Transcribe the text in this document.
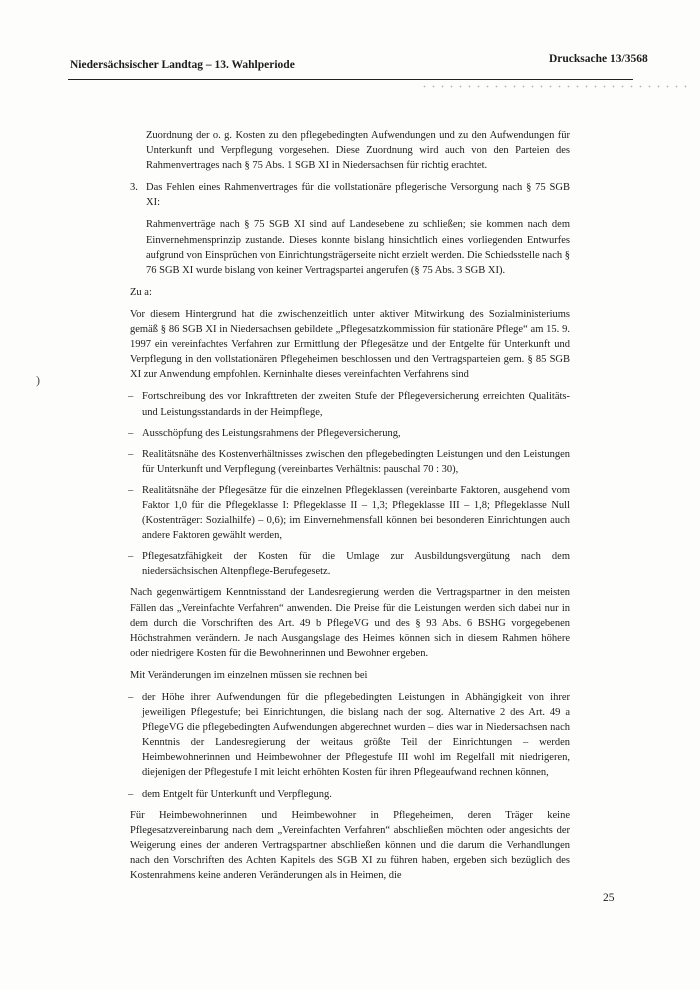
Niedersächsischer Landtag – 13. Wahlperiode	Drucksache 13/3568
)

Zuordnung der o. g. Kosten zu den pflegebedingten Aufwendungen und zu den Aufwendungen für Unterkunft und Verpflegung vorgesehen. Diese Zuordnung wird auch von den Parteien des Rahmenvertrages nach § 75 Abs. 1 SGB XI in Niedersachsen für richtig erachtet.

3. Das Fehlen eines Rahmenvertrages für die vollstationäre pflegerische Versorgung nach § 75 SGB XI:

Rahmenverträge nach § 75 SGB XI sind auf Landesebene zu schließen; sie kommen nach dem Einvernehmensprinzip zustande. Dieses konnte bislang hinsichtlich eines vorliegenden Entwurfes aufgrund von Einsprüchen von Einrichtungsträgerseite nicht erzielt werden. Die Schiedsstelle nach § 76 SGB XI wurde bislang von keiner Vertragspartei angerufen (§ 75 Abs. 3 SGB XI).

Zu a:

Vor diesem Hintergrund hat die zwischenzeitlich unter aktiver Mitwirkung des Sozialministeriums gemäß § 86 SGB XI in Niedersachsen gebildete „Pflegesatzkommission für stationäre Pflege“ am 15. 9. 1997 ein vereinfachtes Verfahren zur Ermittlung der Pflegesätze und der Entgelte für Unterkunft und Verpflegung in den vollstationären Pflegeheimen beschlossen und den Vertragsparteien gem. § 85 SGB XI zur Anwendung empfohlen. Kerninhalte dieses vereinfachten Verfahrens sind

– Fortschreibung des vor Inkrafttreten der zweiten Stufe der Pflegeversicherung erreichten Qualitäts- und Leistungsstandards in der Heimpflege,
– Ausschöpfung des Leistungsrahmens der Pflegeversicherung,
– Realitätsnähe des Kostenverhältnisses zwischen den pflegebedingten Leistungen und den Leistungen für Unterkunft und Verpflegung (vereinbartes Verhältnis: pauschal 70 : 30),
– Realitätsnähe der Pflegesätze für die einzelnen Pflegeklassen (vereinbarte Faktoren, ausgehend vom Faktor 1,0 für die Pflegeklasse I: Pflegeklasse II – 1,3; Pflegeklasse III – 1,8; Pflegeklasse Null (Kostenträger: Sozialhilfe) – 0,6); im Einvernehmensfall können bei besonderen Einrichtungen auch andere Faktoren gewählt werden,
– Pflegesatzfähigkeit der Kosten für die Umlage zur Ausbildungsvergütung nach dem niedersächsischen Altenpflege-Berufegesetz.

Nach gegenwärtigem Kenntnisstand der Landesregierung werden die Vertragspartner in den meisten Fällen das „Vereinfachte Verfahren“ anwenden. Die Preise für die Leistungen werden sich dabei nur in dem durch die Vorschriften des Art. 49 b PflegeVG und des § 93 Abs. 6 BSHG vorgegebenen Höchstrahmen verändern. Je nach Ausgangslage des Heimes können sich in diesem Rahmen höhere oder niedrigere Kosten für die Bewohnerinnen und Bewohner ergeben.

Mit Veränderungen im einzelnen müssen sie rechnen bei

– der Höhe ihrer Aufwendungen für die pflegebedingten Leistungen in Abhängigkeit von ihrer jeweiligen Pflegestufe; bei Einrichtungen, die bislang nach der sog. Alternative 2 des Art. 49 a PflegeVG die pflegebedingten Aufwendungen abgerechnet wurden – dies war in Niedersachsen nach Kenntnis der Landesregierung der weitaus größte Teil der Einrichtungen – werden Heimbewohnerinnen und Heimbewohner der Pflegestufe III wohl im Regelfall mit niedrigeren, diejenigen der Pflegestufe I mit leicht erhöhten Kosten für ihren Pflegeaufwand rechnen können,
– dem Entgelt für Unterkunft und Verpflegung.

Für Heimbewohnerinnen und Heimbewohner in Pflegeheimen, deren Träger keine Pflegesatzvereinbarung nach dem „Vereinfachten Verfahren“ abschließen möchten oder angesichts der Weigerung eines der anderen Vertragspartner abschließen können und die darum die Verhandlungen nach den Vorschriften des Achten Kapitels des SGB XI zu führen haben, ergeben sich bezüglich des Kostenrahmens keine anderen Veränderungen als in Heimen, die

25
